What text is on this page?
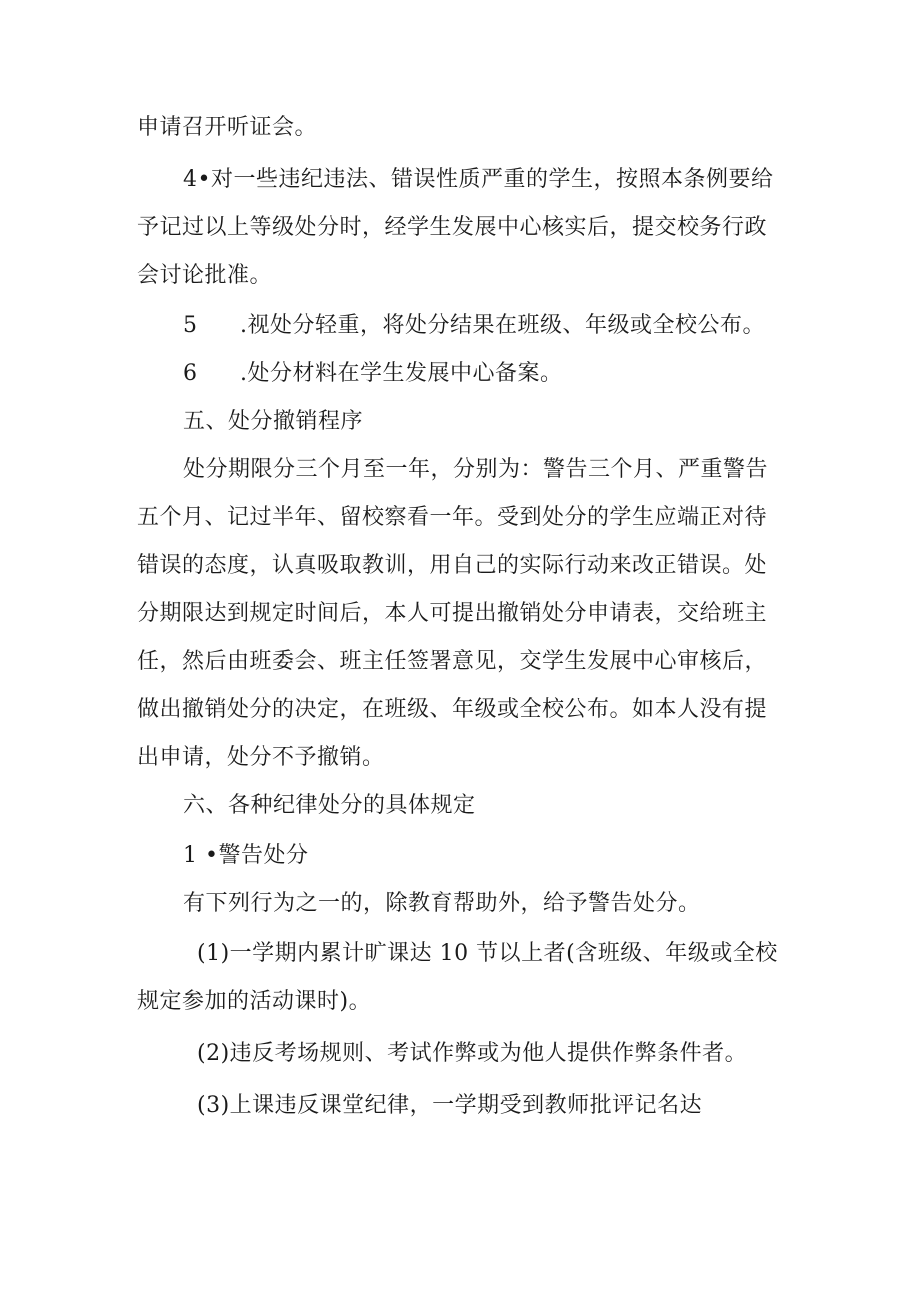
申请召开听证会。
4•对一些违纪违法、错误性质严重的学生，按照本条例要给
予记过以上等级处分时，经学生发展中心核实后，提交校务行政
会讨论批准。
5 .视处分轻重，将处分结果在班级、年级或全校公布。
6 .处分材料在学生发展中心备案。
五、处分撤销程序
处分期限分三个月至一年，分别为：警告三个月、严重警告
五个月、记过半年、留校察看一年。受到处分的学生应端正对待
错误的态度，认真吸取教训，用自己的实际行动来改正错误。处
分期限达到规定时间后，本人可提出撤销处分申请表，交给班主
任，然后由班委会、班主任签署意见，交学生发展中心审核后，
做出撤销处分的决定，在班级、年级或全校公布。如本人没有提
出申请，处分不予撤销。
六、各种纪律处分的具体规定
1 •警告处分
有下列行为之一的，除教育帮助外，给予警告处分。
(1)一学期内累计旷课达 10 节以上者(含班级、年级或全校
规定参加的活动课时)。
(2)违反考场规则、考试作弊或为他人提供作弊条件者。
(3)上课违反课堂纪律，一学期受到教师批评记名达
